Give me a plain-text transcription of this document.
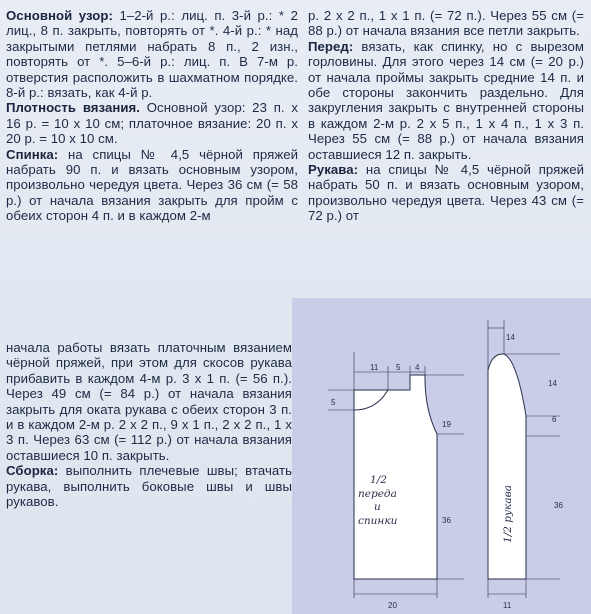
Основной узор: 1–2-й р.: лиц. п. 3-й р.: * 2 лиц., 8 п. закрыть, повторять от *. 4-й р.: * над закрытыми петлями набрать 8 п., 2 изн., повторять от *. 5–6-й р.: лиц. п. В 7-м р. отверстия расположить в шахматном порядке. 8-й р.: вязать, как 4-й р.

Плотность вязания. Основной узор: 23 п. х 16 р. = 10 х 10 см; платочное вязание: 20 п. х 20 р. = 10 х 10 см.

Спинка: на спицы № 4,5 чёрной пряжей набрать 90 п. и вязать основным узором, произвольно чередуя цвета. Через 36 см (= 58 р.) от начала вязания закрыть для пройм с обеих сторон 4 п. и в каждом 2-м

р. 2 х 2 п., 1 х 1 п. (= 72 п.). Через 55 см (= 88 р.) от начала вязания все петли закрыть.

Перед: вязать, как спинку, но с вырезом горловины. Для этого через 14 см (= 20 р.) от начала проймы закрыть средние 14 п. и обе стороны закончить раздельно. Для закругления закрыть с внутренней стороны в каждом 2-м р. 2 х 5 п., 1 х 4 п., 1 х 3 п. Через 55 см (= 88 р.) от начала вязания оставшиеся 12 п. закрыть.

Рукава: на спицы № 4,5 чёрной пряжей набрать 50 п. и вязать основным узором, произвольно чередуя цвета. Через 43 см (= 72 р.) от

начала работы вязать платочным вязанием чёрной пряжей, при этом для скосов рукава прибавить в каждом 4-м р. 3 х 1 п. (= 56 п.). Через 49 см (= 84 р.) от начала вязания закрыть для оката рукава с обеих сторон 3 п. и в каждом 2-м р. 2 х 2 п., 9 х 1 п., 2 х 2 п., 1 х 3 п. Через 63 см (= 112 р.) от начала вязания оставшиеся 10 п. закрыть.

Сборка: выполнить плечевые швы; втачать рукава, выполнить боковые швы и швы рукавов.

11 5 4
5
19
36
20
14
14
6
36
11
1/2
переда
и
спинки	1/2 рукава
